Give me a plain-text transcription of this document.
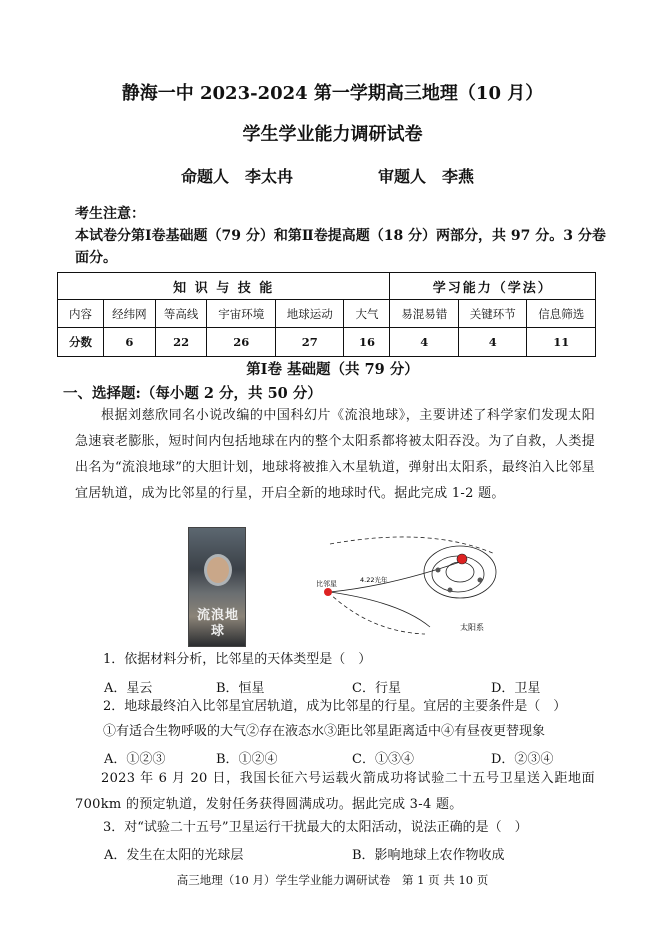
静海一中 2023-2024 第一学期高三地理（10 月）
学生学业能力调研试卷
命题人　李太冉	审题人　李燕
考生注意：
本试卷分第Ⅰ卷基础题（79 分）和第Ⅱ卷提高题（18 分）两部分，共 97 分。3 分卷面分。
知 识 与 技 能						学习能力（学法）		
内容	经纬网	等高线	宇宙环境	地球运动	大气	易混易错	关键环节	信息筛选
分数	6	22	26	27	16	4	4	11
第Ⅰ卷 基础题（共 79 分）
一、选择题:（每小题 2 分，共 50 分）
根据刘慈欣同名小说改编的中国科幻片《流浪地球》，主要讲述了科学家们发现太阳急速衰老膨胀，短时间内包括地球在内的整个太阳系都将被太阳吞没。为了自救，人类提出名为“流浪地球”的大胆计划，地球将被推入木星轨道，弹射出太阳系，最终泊入比邻星宜居轨道，成为比邻星的行星，开启全新的地球时代。据此完成 1-2 题。
流浪地球
比邻星	4.22光年
太阳系
1．依据材料分析，比邻星的天体类型是（　）
A．星云	B．恒星	C．行星	D．卫星
2．地球最终泊入比邻星宜居轨道，成为比邻星的行星。宜居的主要条件是（　）
①有适合生物呼吸的大气②存在液态水③距比邻星距离适中④有昼夜更替现象
A．①②③	B．①②④	C．①③④	D．②③④
2023 年 6 月 20 日，我国长征六号运载火箭成功将试验二十五号卫星送入距地面 700km 的预定轨道，发射任务获得圆满成功。据此完成 3-4 题。
3．对“试验二十五号”卫星运行干扰最大的太阳活动，说法正确的是（　）
A．发生在太阳的光球层	B．影响地球上农作物收成
高三地理（10 月）学生学业能力调研试卷　第 1 页 共 10 页
